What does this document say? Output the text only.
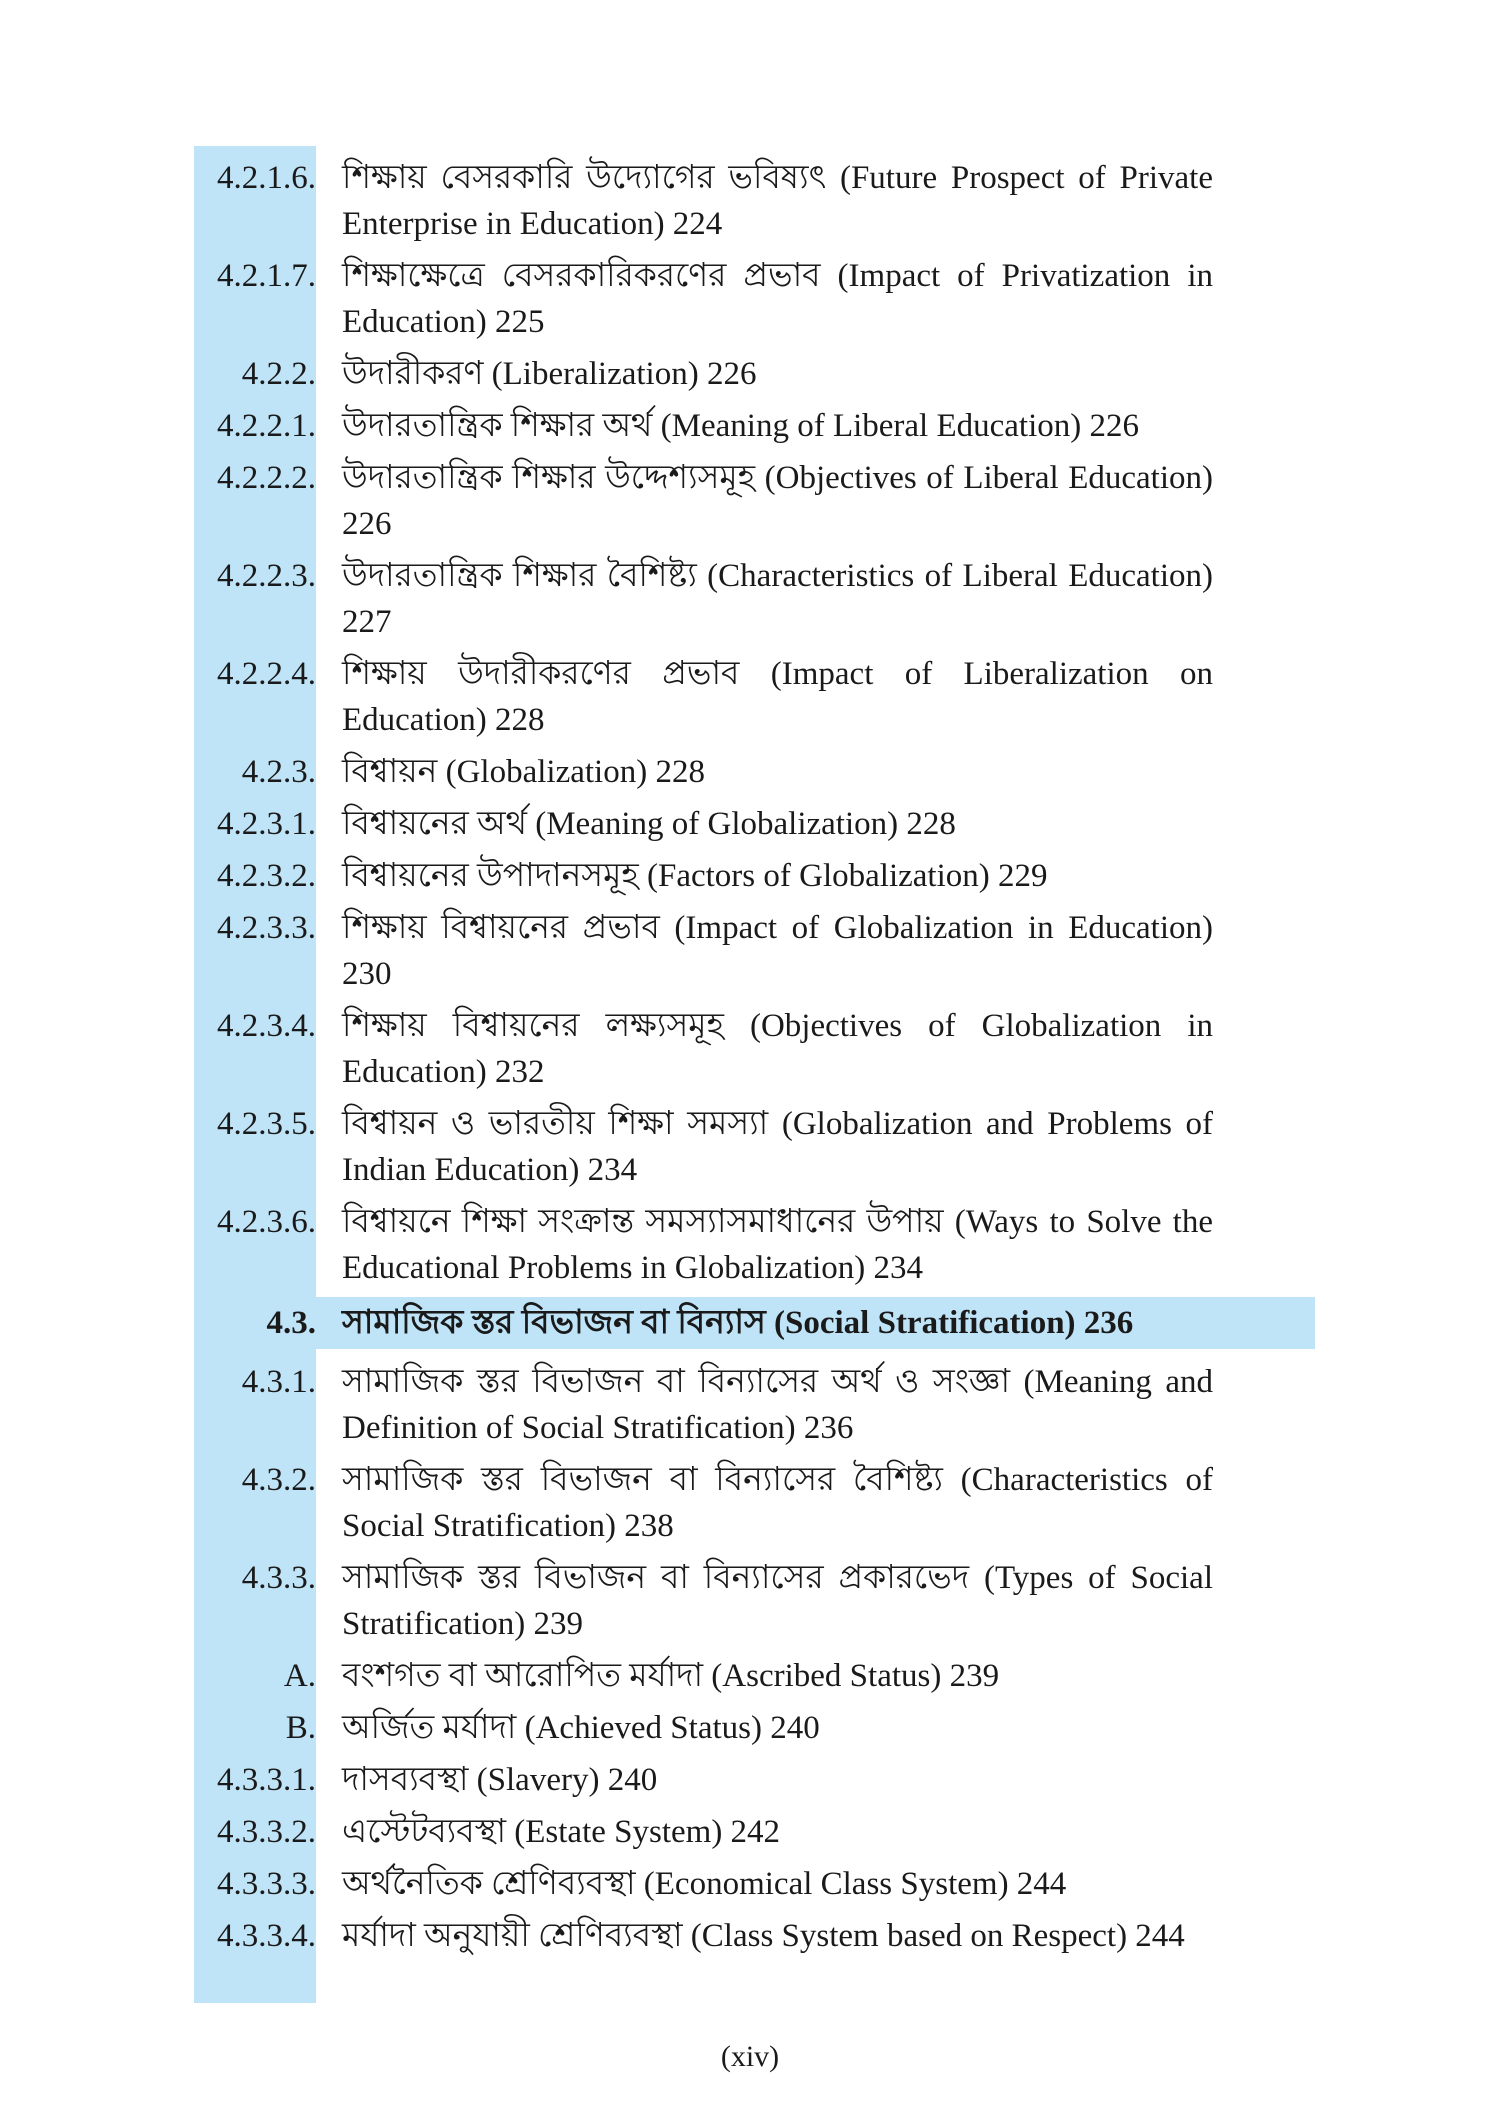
4.2.1.6. শিক্ষায় বেসরকারি উদ্যোগের ভবিষ্যৎ (Future Prospect of Private Enterprise in Education) 224
4.2.1.7. শিক্ষাক্ষেত্রে বেসরকারিকরণের প্রভাব (Impact of Privatization in Education) 225
4.2.2. উদারীকরণ (Liberalization) 226
4.2.2.1. উদারতান্ত্রিক শিক্ষার অর্থ (Meaning of Liberal Education) 226
4.2.2.2. উদারতান্ত্রিক শিক্ষার উদ্দেশ্যসমূহ (Objectives of Liberal Education) 226
4.2.2.3. উদারতান্ত্রিক শিক্ষার বৈশিষ্ট্য (Characteristics of Liberal Education) 227
4.2.2.4. শিক্ষায় উদারীকরণের প্রভাব (Impact of Liberalization on Education) 228
4.2.3. বিশ্বায়ন (Globalization) 228
4.2.3.1. বিশ্বায়নের অর্থ (Meaning of Globalization) 228
4.2.3.2. বিশ্বায়নের উপাদানসমূহ (Factors of Globalization) 229
4.2.3.3. শিক্ষায় বিশ্বায়নের প্রভাব (Impact of Globalization in Education) 230
4.2.3.4. শিক্ষায় বিশ্বায়নের লক্ষ্যসমূহ (Objectives of Globalization in Education) 232
4.2.3.5. বিশ্বায়ন ও ভারতীয় শিক্ষা সমস্যা (Globalization and Problems of Indian Education) 234
4.2.3.6. বিশ্বায়নে শিক্ষা সংক্রান্ত সমস্যাসমাধানের উপায় (Ways to Solve the Educational Problems in Globalization) 234
4.3. সামাজিক স্তর বিভাজন বা বিন্যাস (Social Stratification) 236
4.3.1. সামাজিক স্তর বিভাজন বা বিন্যাসের অর্থ ও সংজ্ঞা (Meaning and Definition of Social Stratification) 236
4.3.2. সামাজিক স্তর বিভাজন বা বিন্যাসের বৈশিষ্ট্য (Characteristics of Social Stratification) 238
4.3.3. সামাজিক স্তর বিভাজন বা বিন্যাসের প্রকারভেদ (Types of Social Stratification) 239
A. বংশগত বা আরোপিত মর্যাদা (Ascribed Status) 239
B. অর্জিত মর্যাদা (Achieved Status) 240
4.3.3.1. দাসব্যবস্থা (Slavery) 240
4.3.3.2. এস্টেটব্যবস্থা (Estate System) 242
4.3.3.3. অর্থনৈতিক শ্রেণিব্যবস্থা (Economical Class System) 244
4.3.3.4. মর্যাদা অনুযায়ী শ্রেণিব্যবস্থা (Class System based on Respect) 244
(xiv)
